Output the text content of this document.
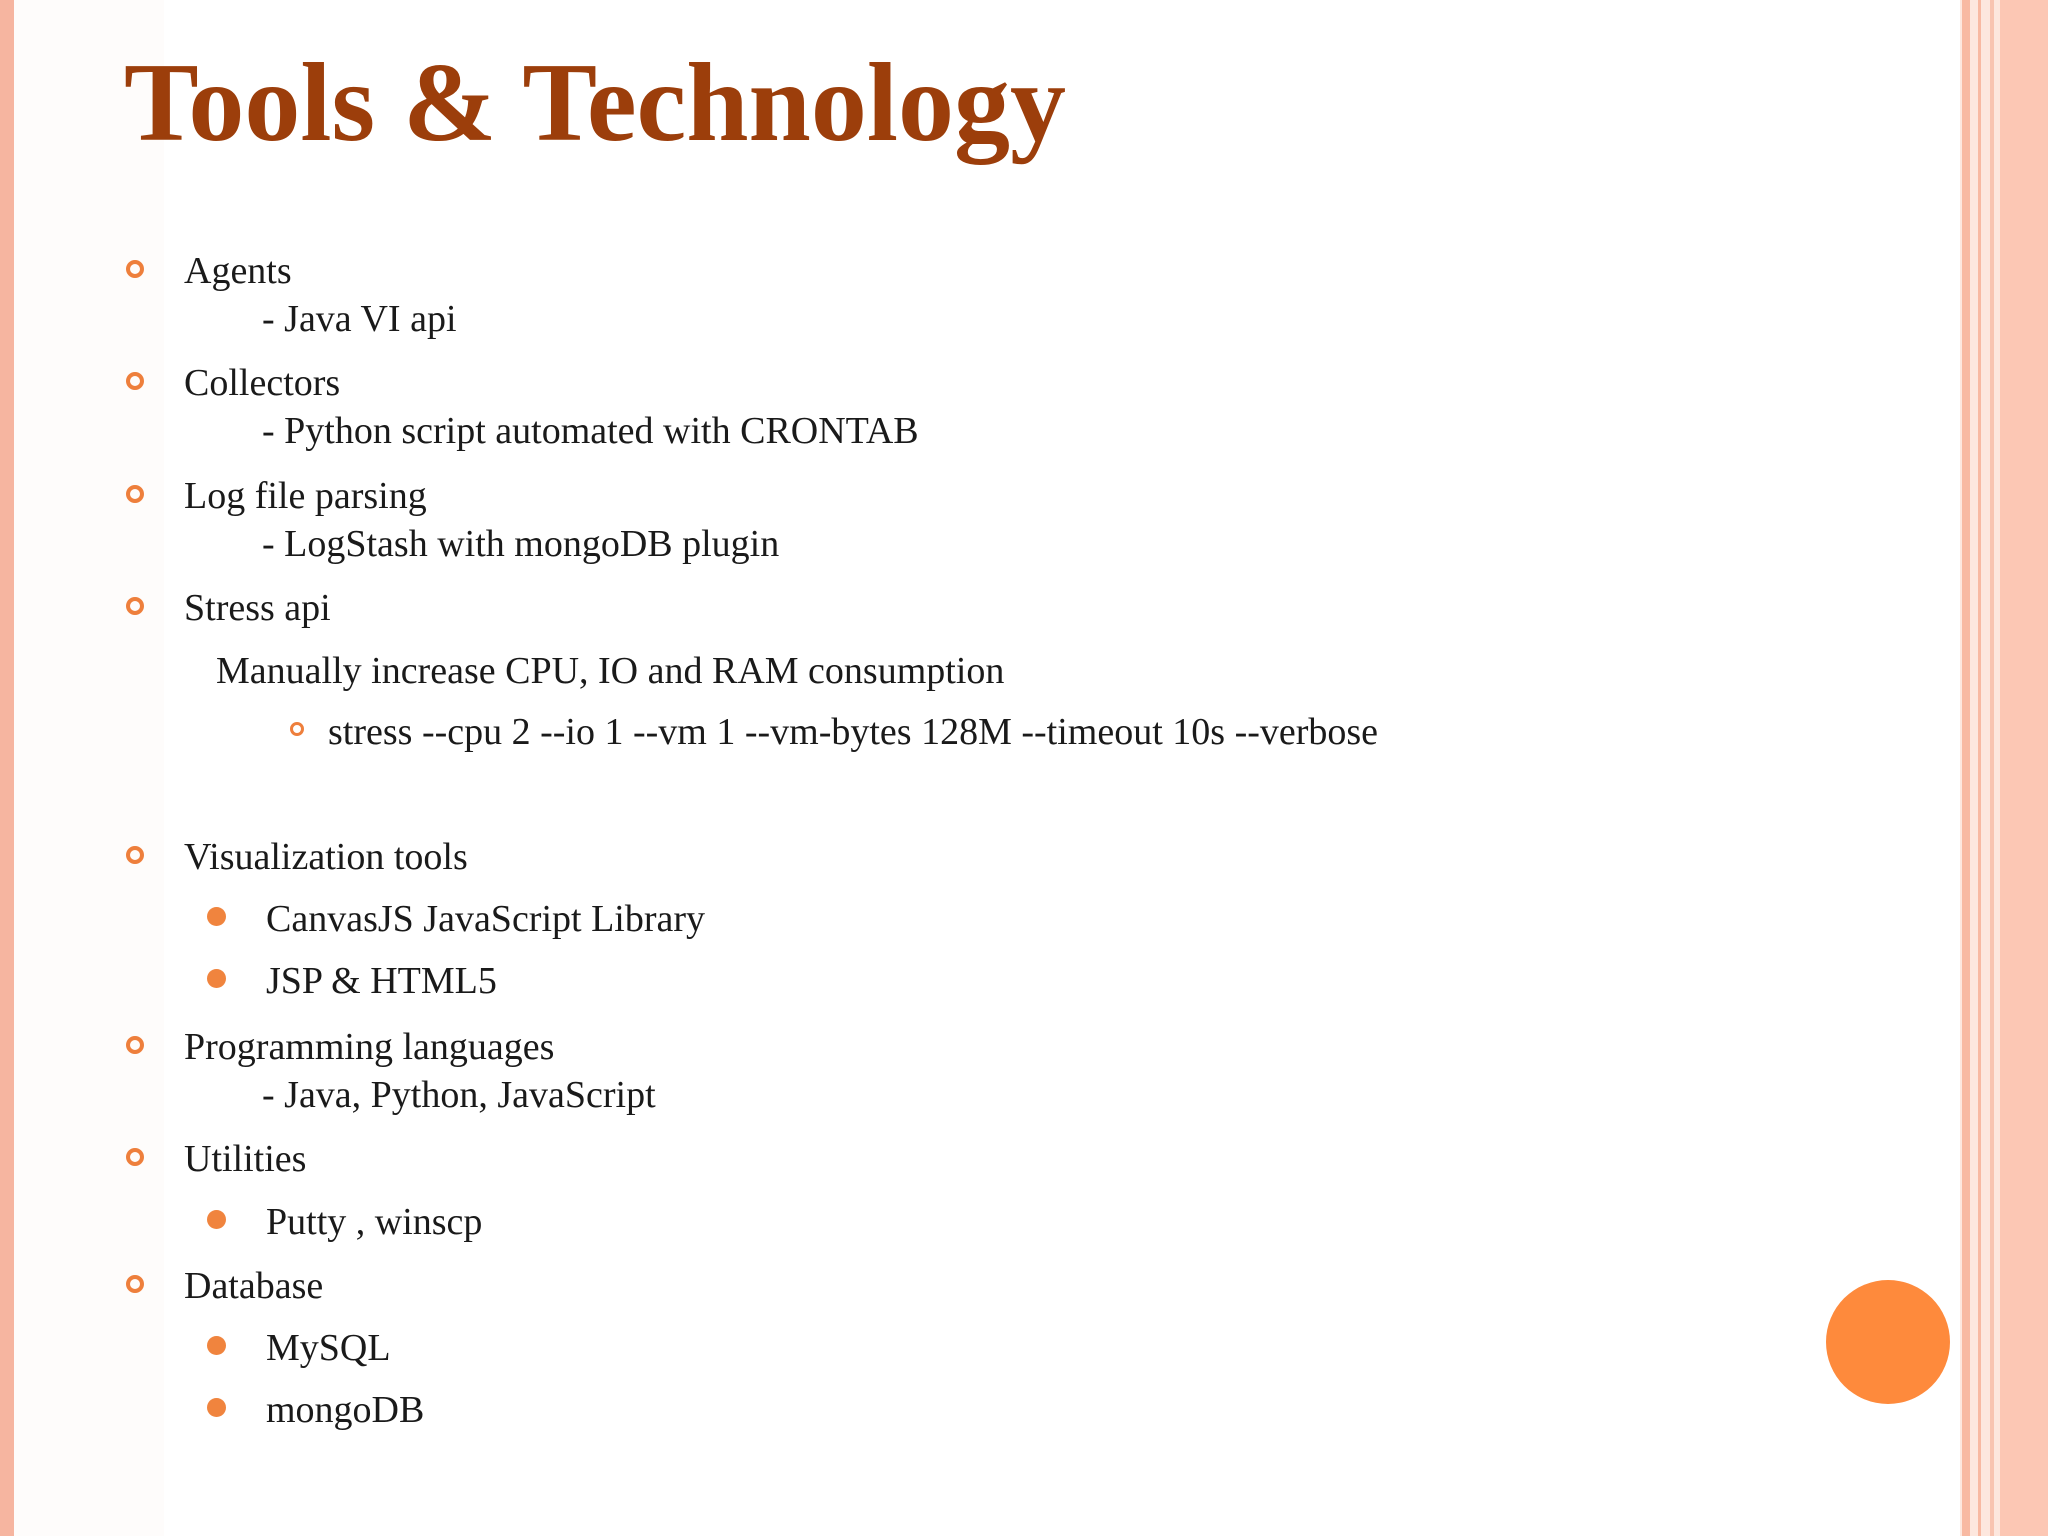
Tools & Technology
Agents
- Java VI api
Collectors
- Python script automated with CRONTAB
Log file parsing
- LogStash with mongoDB plugin
Stress api
Manually increase CPU, IO and RAM consumption
stress --cpu 2 --io 1 --vm 1 --vm-bytes 128M --timeout 10s --verbose
Visualization tools
CanvasJS JavaScript Library
JSP & HTML5
Programming languages
- Java, Python, JavaScript
Utilities
Putty , winscp
Database
MySQL
mongoDB
